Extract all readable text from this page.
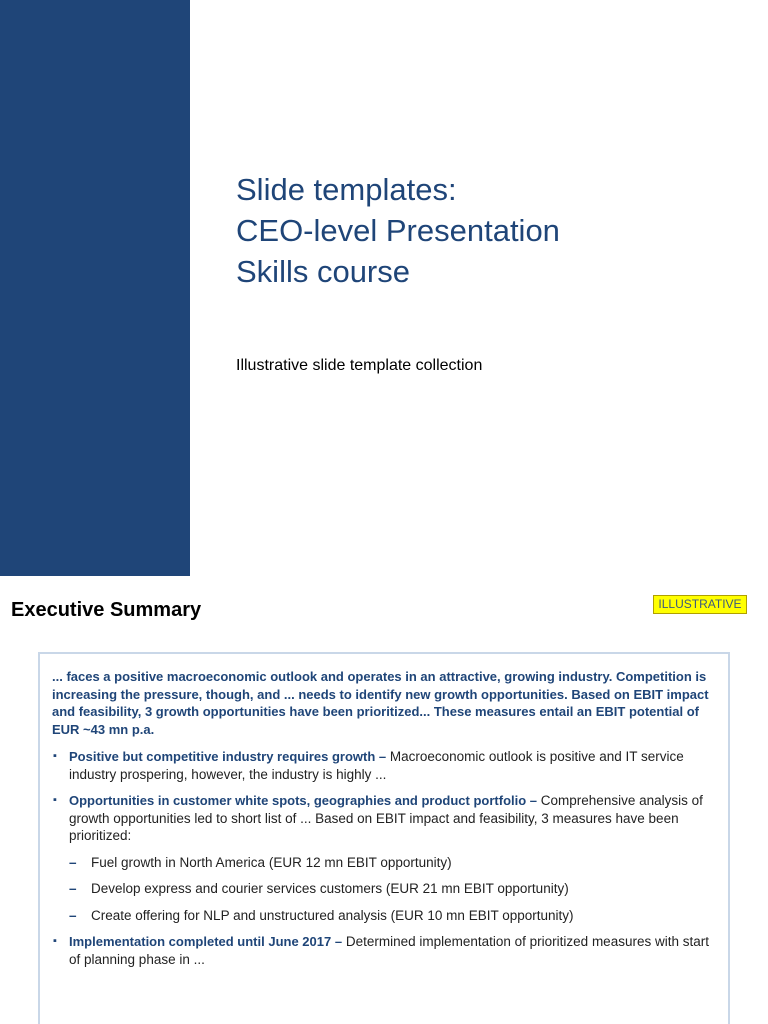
Slide templates:
CEO-level Presentation
Skills course
Illustrative slide template collection
Executive Summary	ILLUSTRATIVE

... faces a positive macroeconomic outlook and operates in an attractive, growing industry. Competition is increasing the pressure, though, and ... needs to identify new growth opportunities. Based on EBIT impact and feasibility, 3 growth opportunities have been prioritized... These measures entail an EBIT potential of EUR ~43 mn p.a.

▪ Positive but competitive industry requires growth – Macroeconomic outlook is positive and IT service industry prospering, however, the industry is highly ...
▪ Opportunities in customer white spots, geographies and product portfolio – Comprehensive analysis of growth opportunities led to short list of ... Based on EBIT impact and feasibility, 3 measures have been prioritized:
– Fuel growth in North America (EUR 12 mn EBIT opportunity)
– Develop express and courier services customers (EUR 21 mn EBIT opportunity)
– Create offering for NLP and unstructured analysis (EUR 10 mn EBIT opportunity)
▪ Implementation completed until June 2017 – Determined implementation of prioritized measures with start of planning phase in ...
